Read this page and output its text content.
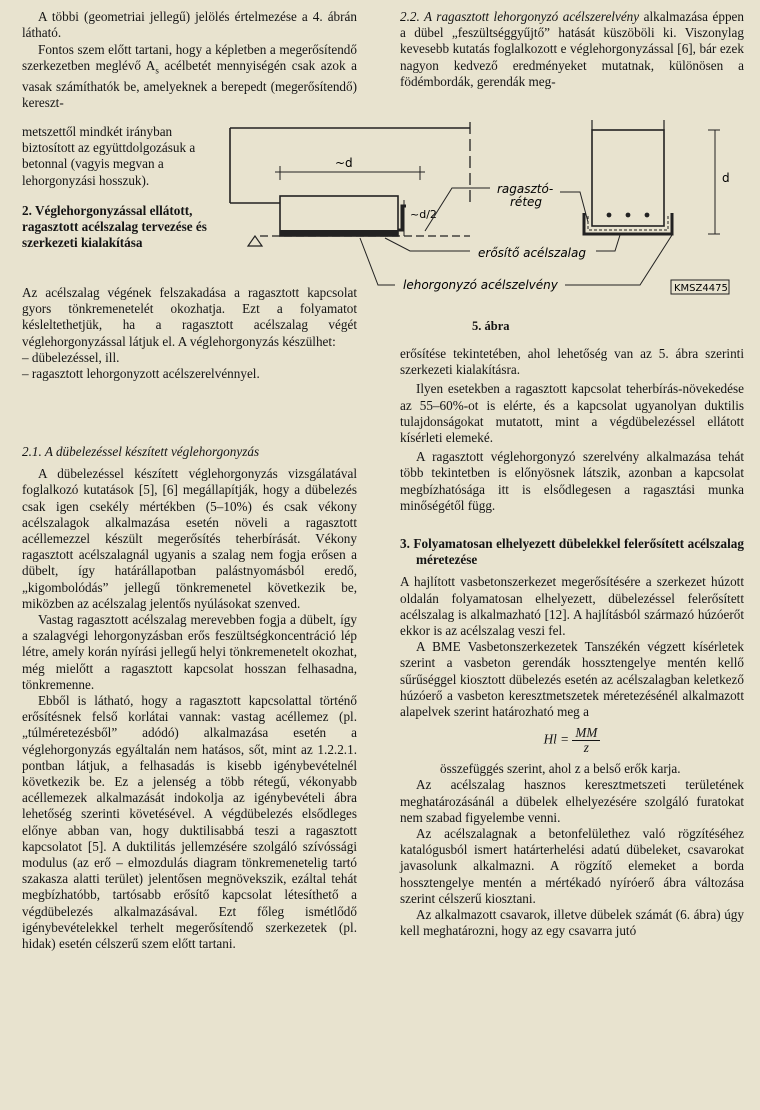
A többi (geometriai jellegű) jelölés értelmezése a 4. ábrán látható.

Fontos szem előtt tartani, hogy a képletben a megerősítendő szerkezetben meglévő $A_s$ acélbetét mennyiségén csak azok a vasak számíthatók be, amelyeknek a berepedt (megerősítendő) kereszt-

metszettől mindkét irányban biztosított az együttdolgozásuk a betonnal (vagyis megvan a lehorgonyzási hosszuk).

2. Véglehorgonyzással ellátott, ragasztott acélszalag tervezése és szerkezeti kialakítása

Az acélszalag végének felszakadása a ragasztott kapcsolat gyors tönkremenetelét okozhatja. Ezt a folyamatot késleltethetjük, ha a ragasztott acélszalag végét véglehorgonyzással látjuk el. A véglehorgonyzás készülhet:

– dübelezéssel, ill.
– ragasztott lehorgonyzott acélszerelvénnyel.

2.1. A dübelezéssel készített véglehorgonyzás

A dübelezéssel készített véglehorgonyzás vizsgálatával foglalkozó kutatások [5], [6] megállapítják, hogy a dübelezés csak igen csekély mértékben (5–10%) és csak vékony acélszalagok alkalmazása esetén növeli a ragasztott acéllemezzel készült megerősítés teherbírását. Vékony ragasztott acélszalagnál ugyanis a szalag nem fogja erősen a dübelt, így határállapotban palástnyomásból eredő, „kigombolódás” jellegű tönkremenetel következik be, miközben az acélszalag jelentős nyúlásokat szenved.

Vastag ragasztott acélszalag merevebben fogja a dübelt, így a szalagvégi lehorgonyzásban erős feszültségkoncentráció lép létre, amely korán nyírási jellegű helyi tönkremenetelt okozhat, még mielőtt a ragasztott kapcsolat hosszan felhasadna, tönkremenne.

Ebből is látható, hogy a ragasztott kapcsolattal történő erősítésnek felső korlátai vannak: vastag acéllemez (pl. „túlméretezésből” adódó) alkalmazása esetén a véglehorgonyzás egyáltalán nem hatásos, sőt, mint az 1.2.2.1. pontban látjuk, a felhasadás is kisebb igénybevételnél következik be. Ez a jelenség a több rétegű, vékonyabb acéllemezek alkalmazását indokolja az igénybevételi ábra lehetőség szerinti követésével. A végdübelezés elsődleges előnye abban van, hogy duktilisabbá teszi a ragasztott kapcsolatot [5]. A duktilitás jellemzésére szolgáló szívóssági modulus (az erő – elmozdulás diagram tönkremenetelig tartó szakasza alatti terület) jelentősen megnövekszik, ezáltal tehát megbízhatóbb, tartósabb erősítő kapcsolat létesíthető a végdübelezés alkalmazásával. Ezt főleg ismétlődő igénybevételekkel terhelt megerősítendő szerkezetek (pl. hidak) esetén célszerű szem előtt tartani.

2.2. A ragasztott lehorgonyzó acélszerelvény alkalmazása éppen a dübel „feszültséggyűjtő” hatását küszöböli ki. Viszonylag kevesebb kutatás foglalkozott e véglehorgonyzással [6], bár ezek nagyon kedvező eredményeket mutatnak, különösen a födémbordák, gerendák meg-

~d
~d/2
d
ragasztó-
réteg
erősítő acélszalag
lehorgonyzó acélszelvény	KMSZ4475
5. ábra

erősítése tekintetében, ahol lehetőség van az 5. ábra szerinti szerkezeti kialakításra.

Ilyen esetekben a ragasztott kapcsolat teherbírás-növekedése az 55–60%-ot is elérte, és a kapcsolat ugyanolyan duktilis tulajdonságokat mutatott, mint a végdübelezéssel ellátott kísérleti elemeké.

A ragasztott véglehorgonyzó szerelvény alkalmazása tehát több tekintetben is előnyösnek látszik, azonban a kapcsolat megbízhatósága itt is elsődlegesen a ragasztási munka minőségétől függ.

3. Folyamatosan elhelyezett dübelekkel felerősített acélszalag méretezése

A hajlított vasbetonszerkezet megerősítésére a szerkezet húzott oldalán folyamatosan elhelyezett, dübelezéssel felerősített acélszalag is alkalmazható [12]. A hajlításból származó húzóerőt ekkor is az acélszalag veszi fel.

A BME Vasbetonszerkezetek Tanszékén végzett kísérletek szerint a vasbeton gerendák hossztengelye mentén kellő sűrűséggel kiosztott dübelezés esetén az acélszalagban keletkező húzóerő a vasbeton keresztmetszetek méretezésénél alkalmazott alapelvek szerint határozható meg a

$Hl = \frac{MM}{z}$

összefüggés szerint, ahol z a belső erők karja.

Az acélszalag hasznos keresztmetszeti területének meghatározásánál a dübelek elhelyezésére szolgáló furatokat nem szabad figyelembe venni.

Az acélszalagnak a betonfelülethez való rögzítéséhez katalógusból ismert határterhelési adatú dübeleket, csavarokat javasolunk alkalmazni. A rögzítő elemeket a borda hossztengelye mentén a mértékadó nyíróerő ábra változása szerint célszerű kiosztani.

Az alkalmazott csavarok, illetve dübelek számát (6. ábra) úgy kell meghatározni, hogy az egy csavarra jutó
